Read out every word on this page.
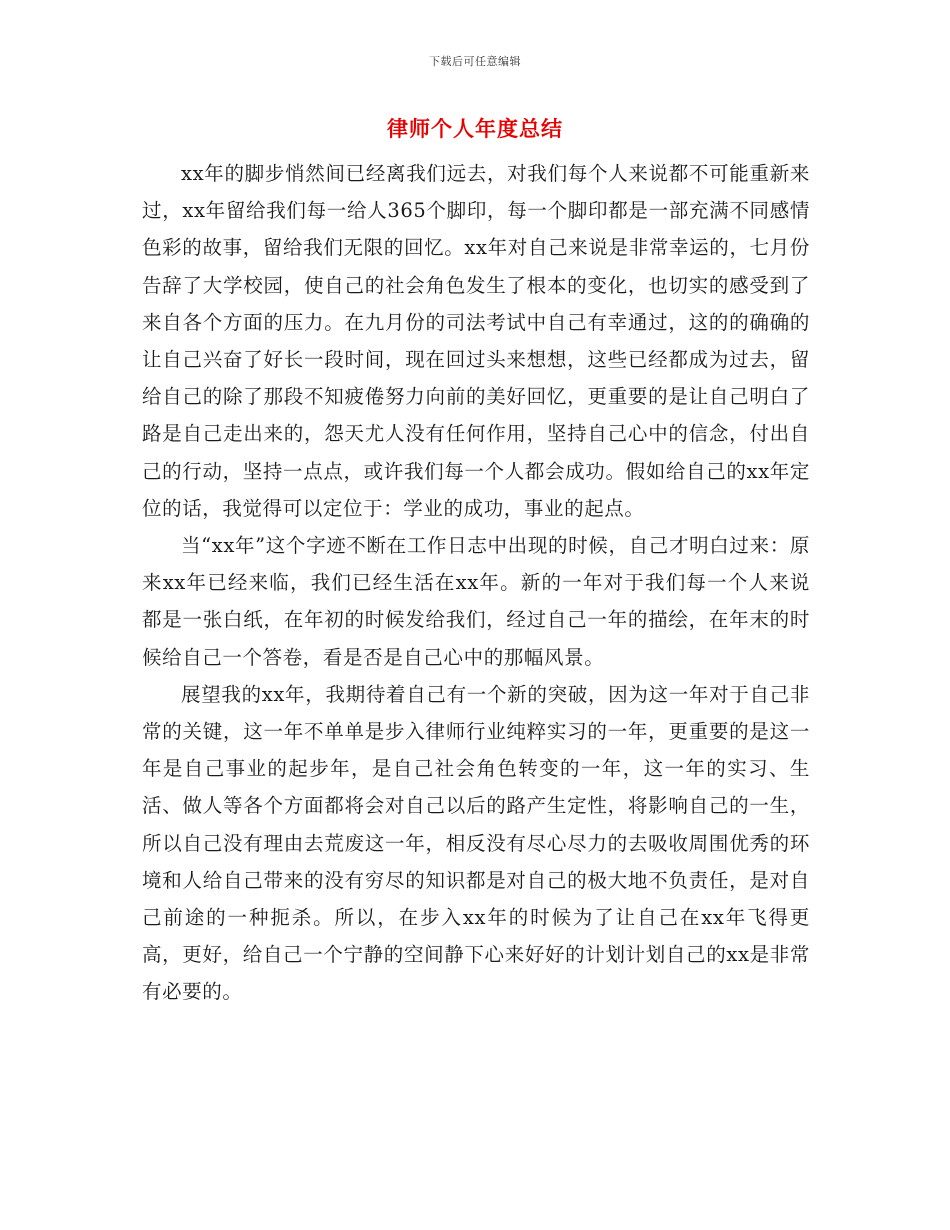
下载后可任意编辑
律师个人年度总结

xx年的脚步悄然间已经离我们远去，对我们每个人来说都不可能重新来过，xx年留给我们每一给人365个脚印，每一个脚印都是一部充满不同感情色彩的故事，留给我们无限的回忆。xx年对自己来说是非常幸运的，七月份告辞了大学校园，使自己的社会角色发生了根本的变化，也切实的感受到了来自各个方面的压力。在九月份的司法考试中自己有幸通过，这的的确确的让自己兴奋了好长一段时间，现在回过头来想想，这些已经都成为过去，留给自己的除了那段不知疲倦努力向前的美好回忆，更重要的是让自己明白了路是自己走出来的，怨天尤人没有任何作用，坚持自己心中的信念，付出自己的行动，坚持一点点，或许我们每一个人都会成功。假如给自己的xx年定位的话，我觉得可以定位于：学业的成功，事业的起点。

当“xx年”这个字迹不断在工作日志中出现的时候，自己才明白过来：原来xx年已经来临，我们已经生活在xx年。新的一年对于我们每一个人来说都是一张白纸，在年初的时候发给我们，经过自己一年的描绘，在年末的时候给自己一个答卷，看是否是自己心中的那幅风景。

展望我的xx年，我期待着自己有一个新的突破，因为这一年对于自己非常的关键，这一年不单单是步入律师行业纯粹实习的一年，更重要的是这一年是自己事业的起步年，是自己社会角色转变的一年，这一年的实习、生活、做人等各个方面都将会对自己以后的路产生定性，将影响自己的一生，所以自己没有理由去荒废这一年，相反没有尽心尽力的去吸收周围优秀的环境和人给自己带来的没有穷尽的知识都是对自己的极大地不负责任，是对自己前途的一种扼杀。所以，在步入xx年的时候为了让自己在xx年飞得更高，更好，给自己一个宁静的空间静下心来好好的计划计划自己的xx是非常有必要的。
